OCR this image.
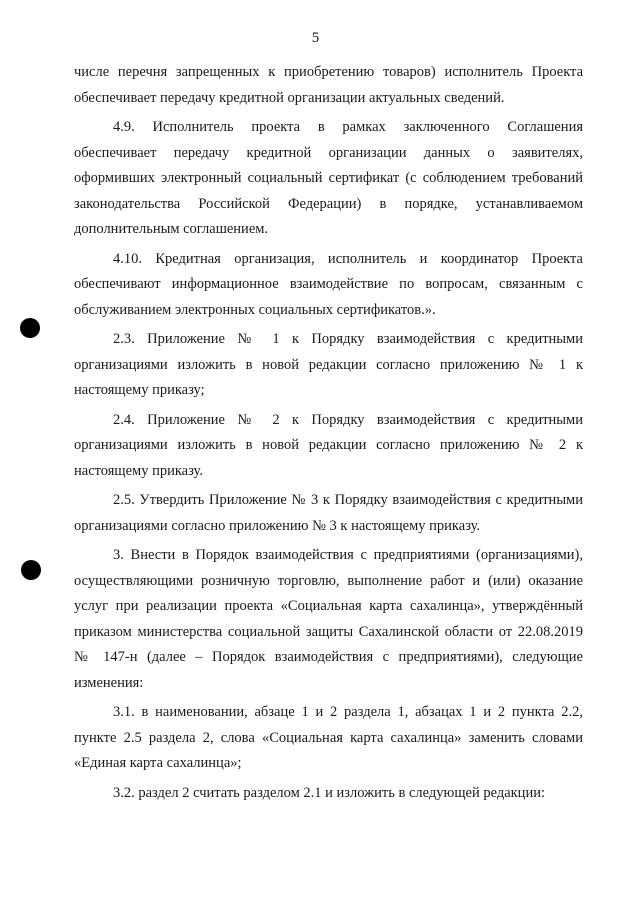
5

числе перечня запрещенных к приобретению товаров) исполнитель Проекта обеспечивает передачу кредитной организации актуальных сведений.

4.9. Исполнитель проекта в рамках заключенного Соглашения обеспечивает передачу кредитной организации данных о заявителях, оформивших электронный социальный сертификат (с соблюдением требований законодательства Российской Федерации) в порядке, устанавливаемом дополнительным соглашением.

4.10. Кредитная организация, исполнитель и координатор Проекта обеспечивают информационное взаимодействие по вопросам, связанным с обслуживанием электронных социальных сертификатов.».

2.3. Приложение № 1 к Порядку взаимодействия с кредитными организациями изложить в новой редакции согласно приложению № 1 к настоящему приказу;

2.4. Приложение № 2 к Порядку взаимодействия с кредитными организациями изложить в новой редакции согласно приложению № 2 к настоящему приказу.

2.5. Утвердить Приложение № 3 к Порядку взаимодействия с кредитными организациями согласно приложению № 3 к настоящему приказу.

3. Внести в Порядок взаимодействия с предприятиями (организациями), осуществляющими розничную торговлю, выполнение работ и (или) оказание услуг при реализации проекта «Социальная карта сахалинца», утверждённый приказом министерства социальной защиты Сахалинской области от 22.08.2019 № 147-н (далее – Порядок взаимодействия с предприятиями), следующие изменения:

3.1. в наименовании, абзаце 1 и 2 раздела 1, абзацах 1 и 2 пункта 2.2, пункте 2.5 раздела 2, слова «Социальная карта сахалинца» заменить словами «Единая карта сахалинца»;

3.2. раздел 2 считать разделом 2.1 и изложить в следующей редакции:
